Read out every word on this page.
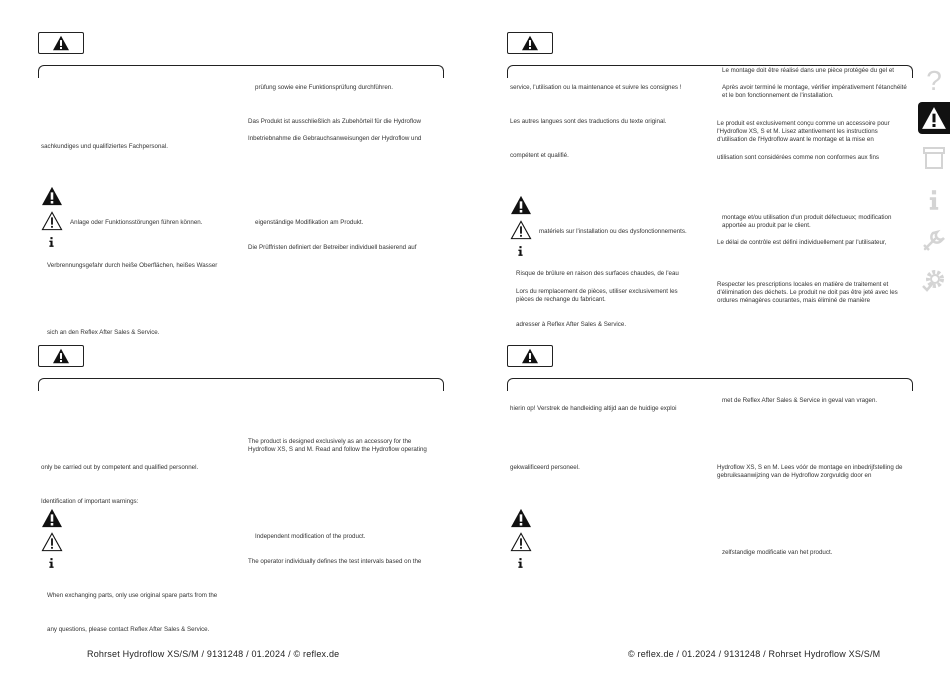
prüfung sowie eine Funktionsprüfung durchführen.
Das Produkt ist ausschließlich als Zubehörteil für die Hydroflow
Inbetriebnahme die Gebrauchsanweisungen der Hydroflow und
sachkundiges und qualifiziertes Fachpersonal.
Anlage oder Funktionsstörungen führen können.	eigenständige Modifikation am Produkt.
Die Prüffristen definiert der Betreiber individuell basierend auf
Verbrennungsgefahr durch heiße Oberflächen, heißes Wasser
sich an den Reflex After Sales & Service.
The product is designed exclusively as an accessory for the Hydroflow XS, S and M. Read and follow the Hydroflow operating
only be carried out by competent and qualified personnel.
Identification of important warnings:
Independent modification of the product.
The operator individually defines the test intervals based on the
When exchanging parts, only use original spare parts from the
any questions, please contact Reflex After Sales & Service.
Rohrset Hydroflow XS/S/M / 9131248 / 01.2024 / © reflex.de
Le montage doit être réalisé dans une pièce protégée du gel et
service, l'utilisation ou la maintenance et suivre les consignes !	Après avoir terminé le montage, vérifier impérativement l'étanchéité et le bon fonctionnement de l'installation.
Les autres langues sont des traductions du texte original.	Le produit est exclusivement conçu comme un accessoire pour l'Hydroflow XS, S et M. Lisez attentivement les instructions d'utilisation de l'Hydroflow avant le montage et la mise en
compétent et qualifié.	utilisation sont considérées comme non conformes aux fins
montage et/ou utilisation d'un produit défectueux; modification apportée au produit par le client.
matériels sur l'installation ou des dysfonctionnements.
Le délai de contrôle est défini individuellement par l'utilisateur,
Risque de brûlure en raison des surfaces chaudes, de l'eau
Respecter les prescriptions locales en matière de traitement et d'élimination des déchets. Le produit ne doit pas être jeté avec les ordures ménagères courantes, mais éliminé de manière
Lors du remplacement de pièces, utiliser exclusivement les pièces de rechange du fabricant.
adresser à Reflex After Sales & Service.
met de Reflex After Sales & Service in geval van vragen.
hierin op! Verstrek de handleiding altijd aan de huidige exploi
gekwalificeerd personeel.	Hydroflow XS, S en M. Lees vóór de montage en inbedrijfstelling de gebruiksaanwijzing van de Hydroflow zorgvuldig door en
zelfstandige modificatie van het product.
© reflex.de / 01.2024 / 9131248 / Rohrset Hydroflow XS/S/M
?
